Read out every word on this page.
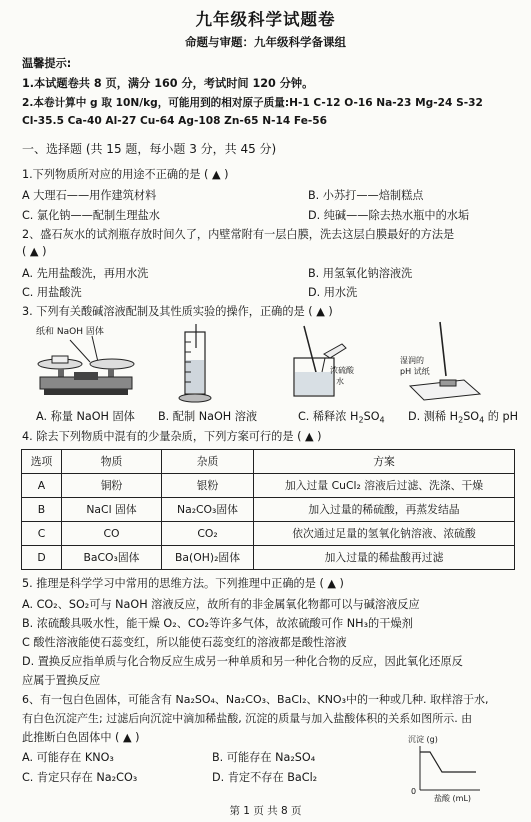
九年级科学试题卷
命题与审题：九年级科学备课组
温馨提示:
1.本试题卷共 8 页，满分 160 分，考试时间 120 分钟。
2.本卷计算中 g 取 10N/kg，可能用到的相对原子质量:H-1 C-12 O-16 Na-23 Mg-24 S-32
Cl-35.5 Ca-40 Al-27 Cu-64 Ag-108 Zn-65 N-14 Fe-56
一、选择题 (共 15 题，每小题 3 分，共 45 分)
1.下列物质所对应的用途不正确的是 ( ▲ )
A 大理石——用作建筑材料	B. 小苏打——焙制糕点
C. 氯化钠——配制生理盐水	D. 纯碱——除去热水瓶中的水垢
2、盛石灰水的试剂瓶存放时间久了，内壁常附有一层白膜，洗去这层白膜最好的方法是
( ▲ )
A. 先用盐酸洗，再用水洗	B. 用氢氧化钠溶液洗
C. 用盐酸洗	D. 用水洗
3. 下列有关酸碱溶液配制及其性质实验的操作，正确的是 ( ▲ )
纸和 NaOH 固体
浓硫酸
水
湿润的
pH 试纸
A. 称量 NaOH 固体 B. 配制 NaOH 溶液	C. 稀释浓 $H_2SO_4$ D. 测稀 $H_2SO_4$ 的 pH
4. 除去下列物质中混有的少量杂质，下列方案可行的是 ( ▲ )
选项	物质	杂质	方案
A	铜粉	银粉	加入过量 CuCl₂ 溶液后过滤、洗涤、干燥
B	NaCl 固体	Na₂CO₃固体	加入过量的稀硫酸，再蒸发结晶
C	CO	CO₂	依次通过足量的氢氧化钠溶液、浓硫酸
D	BaCO₃固体	Ba(OH)₂固体	加入过量的稀盐酸再过滤
5. 推理是科学学习中常用的思维方法。下列推理中正确的是 ( ▲ )
A. CO₂、SO₂可与 NaOH 溶液反应，故所有的非金属氧化物都可以与碱溶液反应
B. 浓硫酸具吸水性，能干燥 O₂、CO₂等许多气体，故浓硫酸可作 NH₃的干燥剂
C 酸性溶液能使石蕊变红，所以能使石蕊变红的溶液都是酸性溶液
D. 置换反应指单质与化合物反应生成另一种单质和另一种化合物的反应，因此氧化还原反
应属于置换反应
6、有一包白色固体，可能含有 Na₂SO₄、Na₂CO₃、BaCl₂、KNO₃中的一种或几种. 取样溶于水,
有白色沉淀产生; 过滤后向沉淀中滴加稀盐酸, 沉淀的质量与加入盐酸体积的关系如图所示. 由
此推断白色固体中 ( ▲ )
A. 可能存在 KNO₃	B. 可能存在 Na₂SO₄
C. 肯定只存在 Na₂CO₃	D. 肯定不存在 BaCl₂
沉淀 (g)
0
盐酸 (mL)
第 1 页 共 8 页
